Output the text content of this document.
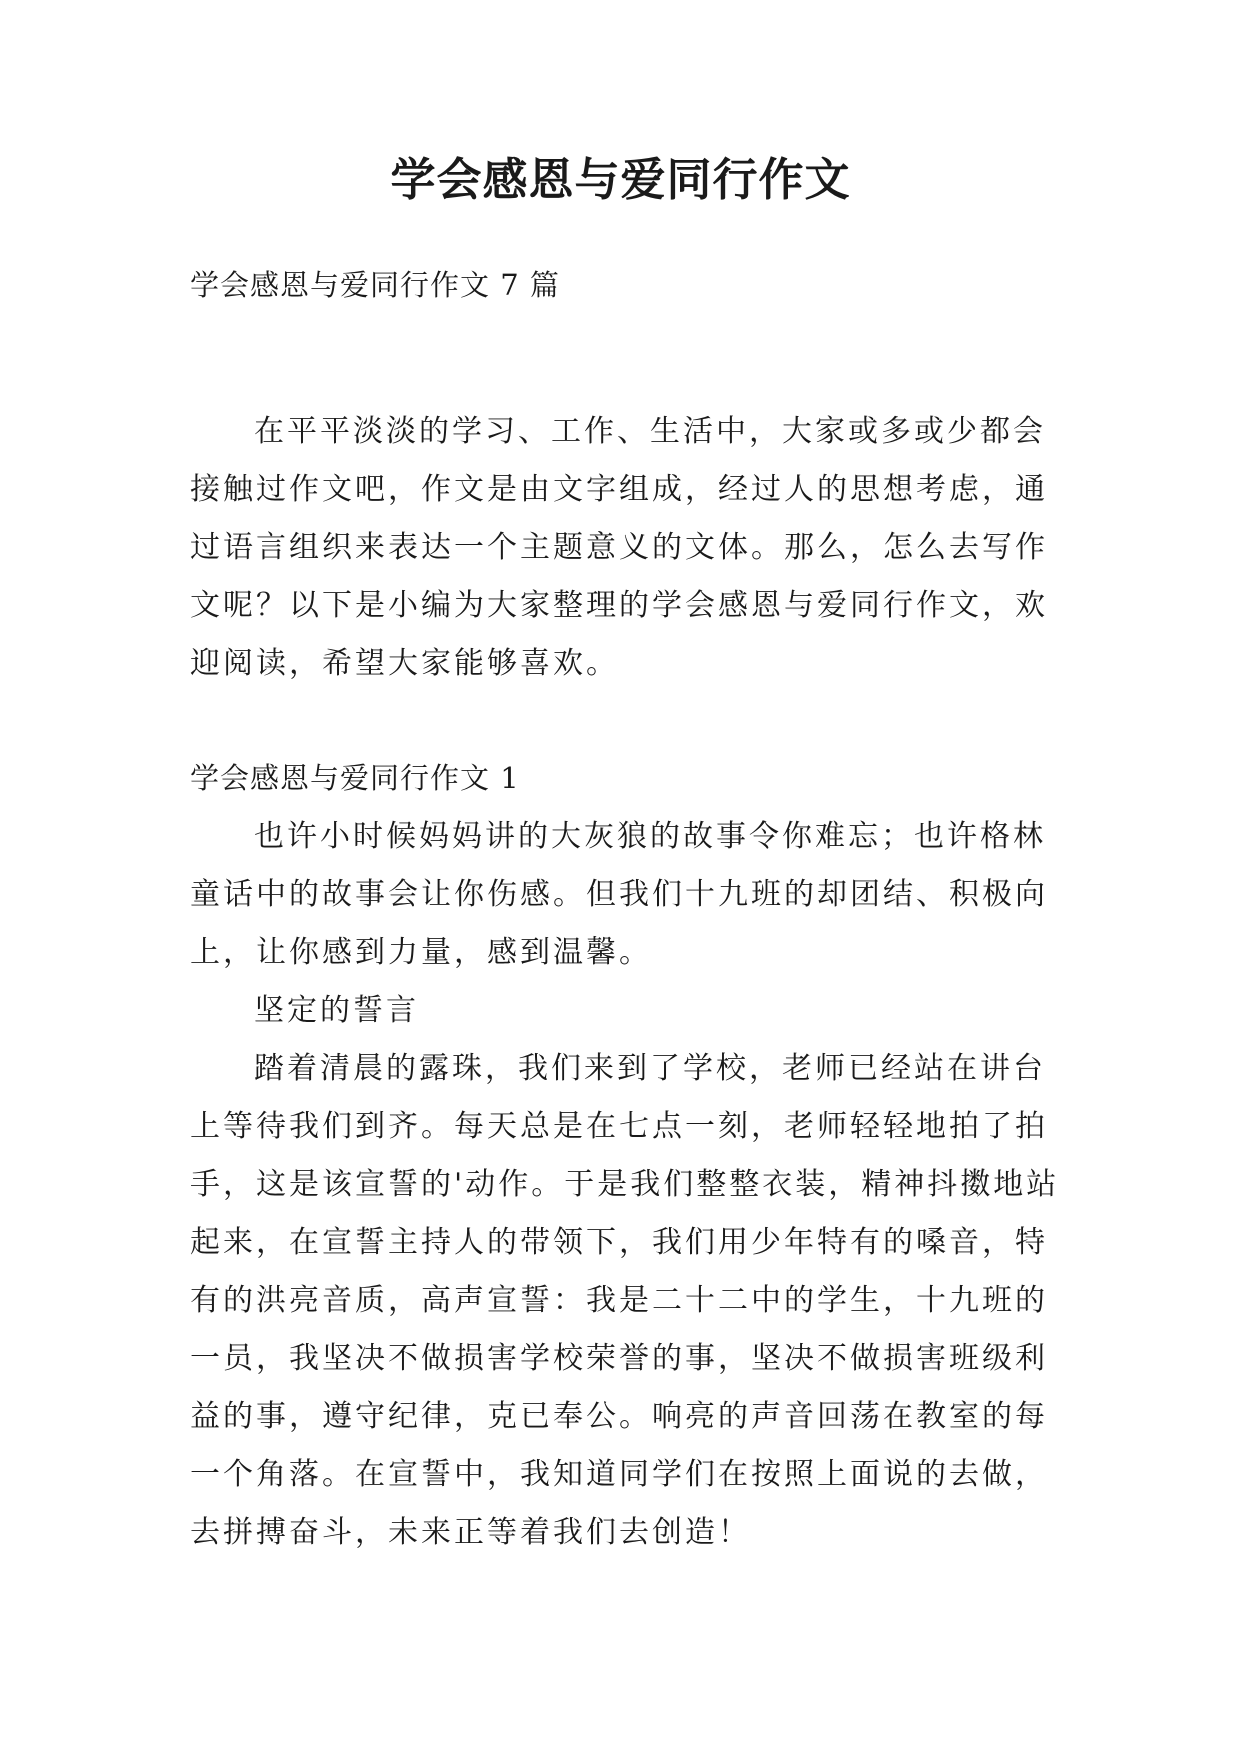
学会感恩与爱同行作文

学会感恩与爱同行作文 7 篇

在平平淡淡的学习、工作、生活中，大家或多或少都会接触过作文吧，作文是由文字组成，经过人的思想考虑，通过语言组织来表达一个主题意义的文体。那么，怎么去写作文呢？以下是小编为大家整理的学会感恩与爱同行作文，欢迎阅读，希望大家能够喜欢。

学会感恩与爱同行作文 1

也许小时候妈妈讲的大灰狼的故事令你难忘；也许格林童话中的故事会让你伤感。但我们十九班的却团结、积极向上，让你感到力量，感到温馨。

坚定的誓言

踏着清晨的露珠，我们来到了学校，老师已经站在讲台上等待我们到齐。每天总是在七点一刻，老师轻轻地拍了拍手，这是该宣誓的'动作。于是我们整整衣装，精神抖擞地站起来，在宣誓主持人的带领下，我们用少年特有的嗓音，特有的洪亮音质，高声宣誓：我是二十二中的学生，十九班的一员，我坚决不做损害学校荣誉的事，坚决不做损害班级利益的事，遵守纪律，克已奉公。响亮的声音回荡在教室的每一个角落。在宣誓中，我知道同学们在按照上面说的去做，去拼搏奋斗，未来正等着我们去创造！
